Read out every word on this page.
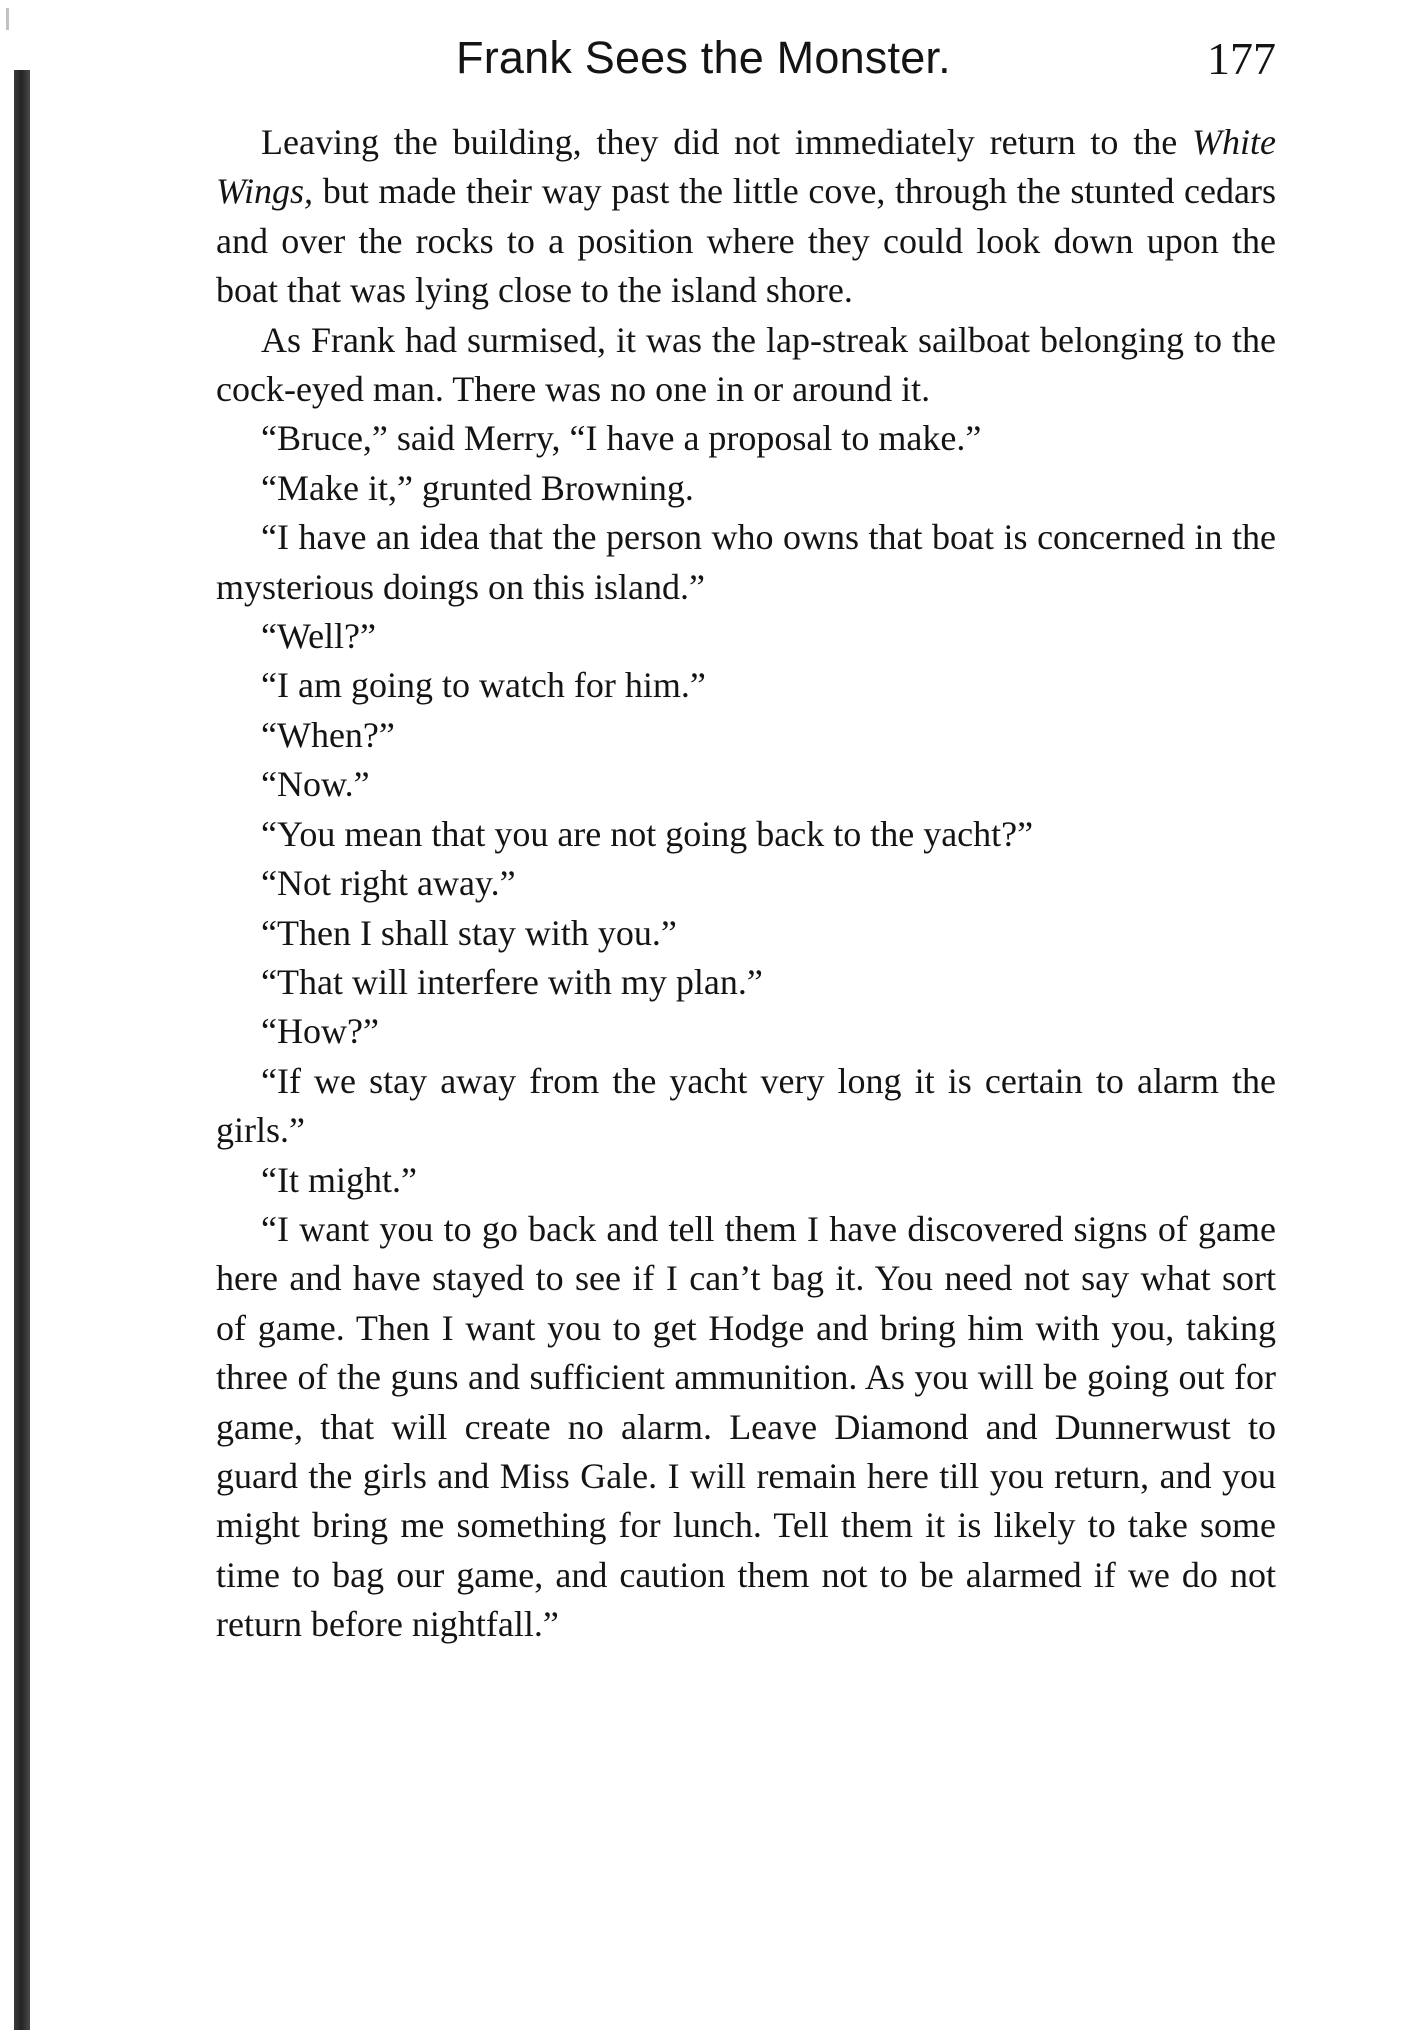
Frank Sees the Monster.	177

Leaving the building, they did not immediately return to the White Wings, but made their way past the little cove, through the stunted cedars and over the rocks to a position where they could look down upon the boat that was lying close to the island shore.

As Frank had surmised, it was the lap-streak sailboat belonging to the cock-eyed man. There was no one in or around it.

“Bruce,” said Merry, “I have a proposal to make.”

“Make it,” grunted Browning.

“I have an idea that the person who owns that boat is concerned in the mysterious doings on this island.”

“Well?”

“I am going to watch for him.”

“When?”

“Now.”

“You mean that you are not going back to the yacht?”

“Not right away.”

“Then I shall stay with you.”

“That will interfere with my plan.”

“How?”

“If we stay away from the yacht very long it is certain to alarm the girls.”

“It might.”

“I want you to go back and tell them I have discovered signs of game here and have stayed to see if I can’t bag it. You need not say what sort of game. Then I want you to get Hodge and bring him with you, taking three of the guns and sufficient ammunition. As you will be going out for game, that will create no alarm. Leave Diamond and Dunnerwust to guard the girls and Miss Gale. I will remain here till you return, and you might bring me something for lunch. Tell them it is likely to take some time to bag our game, and caution them not to be alarmed if we do not return before nightfall.”
